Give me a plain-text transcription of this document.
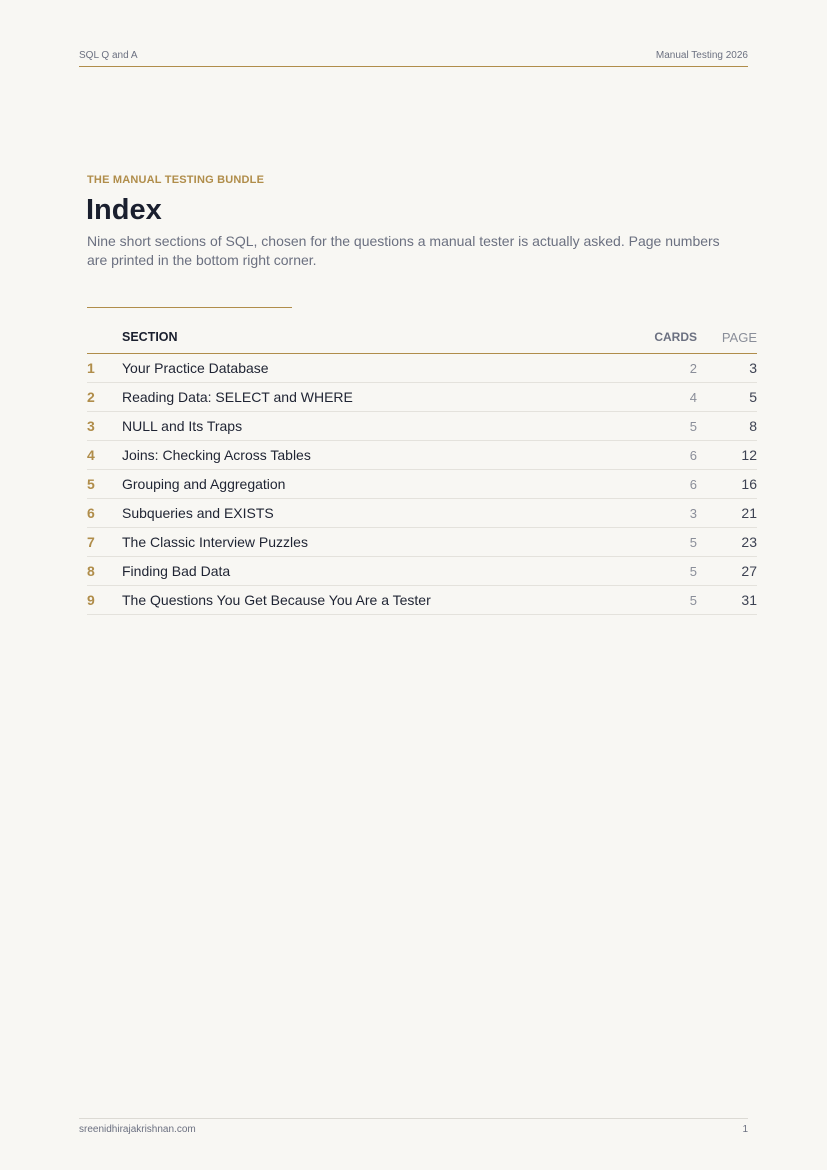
SQL Q and A	Manual Testing 2026
THE MANUAL TESTING BUNDLE
Index

Nine short sections of SQL, chosen for the questions a manual tester is actually asked. Page numbers are printed in the bottom right corner.

	SECTION	CARDS	PAGE
1	Your Practice Database	2	3
2	Reading Data: SELECT and WHERE	4	5
3	NULL and Its Traps	5	8
4	Joins: Checking Across Tables	6	12
5	Grouping and Aggregation	6	16
6	Subqueries and EXISTS	3	21
7	The Classic Interview Puzzles	5	23
8	Finding Bad Data	5	27
9	The Questions You Get Because You Are a Tester	5	31
sreenidhirajakrishnan.com	1
